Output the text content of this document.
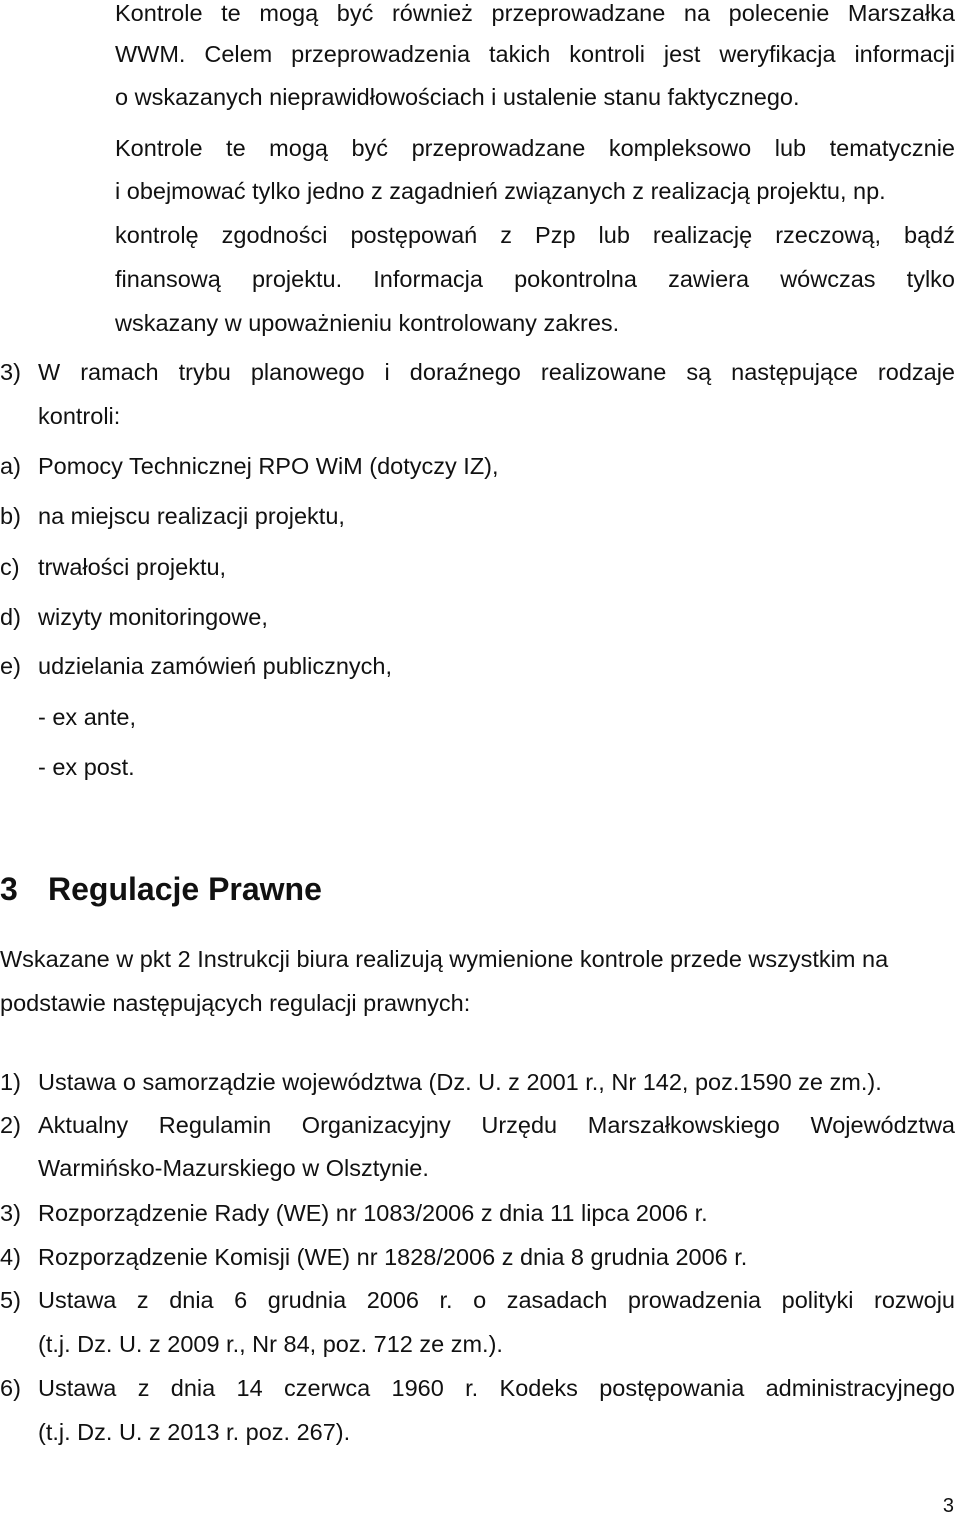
Kontrole te mogą być również przeprowadzane na polecenie Marszałka
WWM. Celem przeprowadzenia takich kontroli jest weryfikacja informacji
o wskazanych nieprawidłowościach i ustalenie stanu faktycznego.
Kontrole te mogą być przeprowadzane kompleksowo lub tematycznie
i obejmować tylko jedno z zagadnień związanych z realizacją projektu, np.
kontrolę zgodności postępowań z Pzp lub realizację rzeczową, bądź
finansową projektu. Informacja pokontrolna zawiera wówczas tylko
wskazany w upoważnieniu kontrolowany zakres.
3) W ramach trybu planowego i doraźnego realizowane są następujące rodzaje
kontroli:
a) Pomocy Technicznej RPO WiM (dotyczy IZ),
b) na miejscu realizacji projektu,
c) trwałości projektu,
d) wizyty monitoringowe,
e) udzielania zamówień publicznych,
- ex ante,
- ex post.
3 Regulacje Prawne
Wskazane w pkt 2 Instrukcji biura realizują wymienione kontrole przede wszystkim na
podstawie następujących regulacji prawnych:
1) Ustawa o samorządzie województwa (Dz. U. z 2001 r., Nr 142, poz.1590 ze zm.).
2) Aktualny Regulamin Organizacyjny Urzędu Marszałkowskiego Województwa
Warmińsko-Mazurskiego w Olsztynie.
3) Rozporządzenie Rady (WE) nr 1083/2006 z dnia 11 lipca 2006 r.
4) Rozporządzenie Komisji (WE) nr 1828/2006 z dnia 8 grudnia 2006 r.
5) Ustawa z dnia 6 grudnia 2006 r. o zasadach prowadzenia polityki rozwoju
(t.j. Dz. U. z 2009 r., Nr 84, poz. 712 ze zm.).
6) Ustawa z dnia 14 czerwca 1960 r. Kodeks postępowania administracyjnego
(t.j. Dz. U. z 2013 r. poz. 267).
3
